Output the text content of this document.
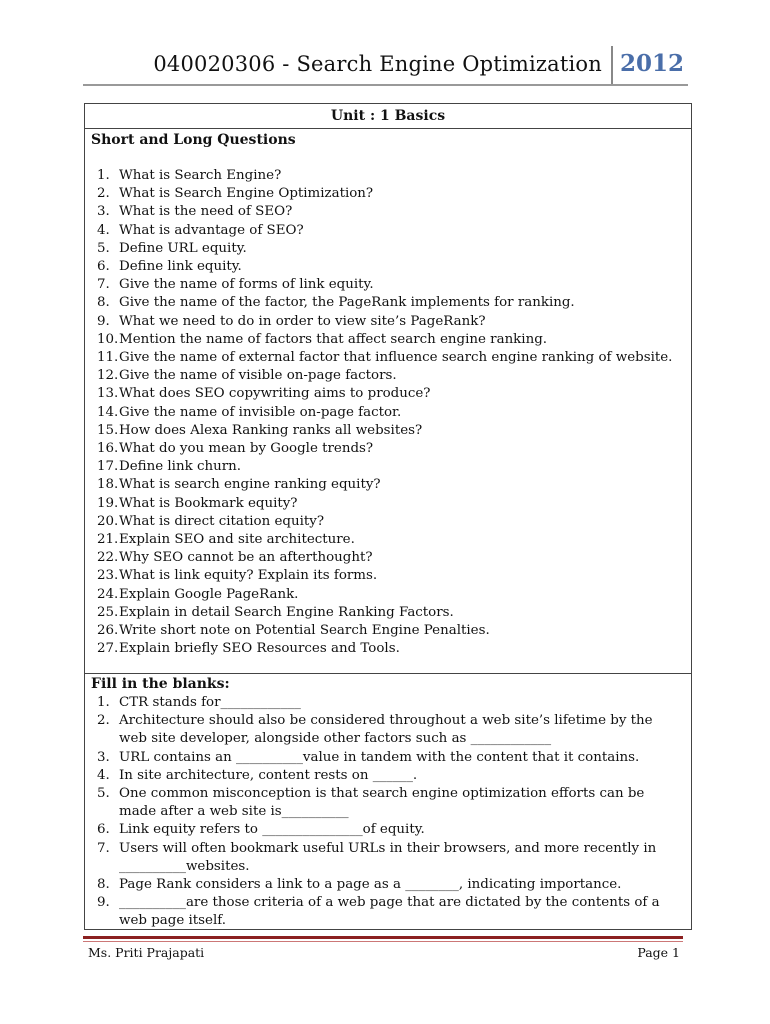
040020306 - Search Engine Optimization 2012
Unit : 1 Basics
Short and Long Questions
1. What is Search Engine?
2. What is Search Engine Optimization?
3. What is the need of SEO?
4. What is advantage of SEO?
5. Define URL equity.
6. Define link equity.
7. Give the name of forms of link equity.
8. Give the name of the factor, the PageRank implements for ranking.
9. What we need to do in order to view site’s PageRank?
10. Mention the name of factors that affect search engine ranking.
11. Give the name of external factor that influence search engine ranking of website.
12. Give the name of visible on-page factors.
13. What does SEO copywriting aims to produce?
14. Give the name of invisible on-page factor.
15. How does Alexa Ranking ranks all websites?
16. What do you mean by Google trends?
17. Define link churn.
18. What is search engine ranking equity?
19. What is Bookmark equity?
20. What is direct citation equity?
21. Explain SEO and site architecture.
22. Why SEO cannot be an afterthought?
23. What is link equity? Explain its forms.
24. Explain Google PageRank.
25. Explain in detail Search Engine Ranking Factors.
26. Write short note on Potential Search Engine Penalties.
27. Explain briefly SEO Resources and Tools.
Fill in the blanks:
1. CTR stands for____________
2. Architecture should also be considered throughout a web site’s lifetime by the web site developer, alongside other factors such as ____________
3. URL contains an __________value in tandem with the content that it contains.
4. In site architecture, content rests on ______.
5. One common misconception is that search engine optimization efforts can be made after a web site is__________
6. Link equity refers to _______________of equity.
7. Users will often bookmark useful URLs in their browsers, and more recently in __________websites.
8. Page Rank considers a link to a page as a ________, indicating importance.
9. __________are those criteria of a web page that are dictated by the contents of a web page itself.
Ms. Priti Prajapati	Page 1
